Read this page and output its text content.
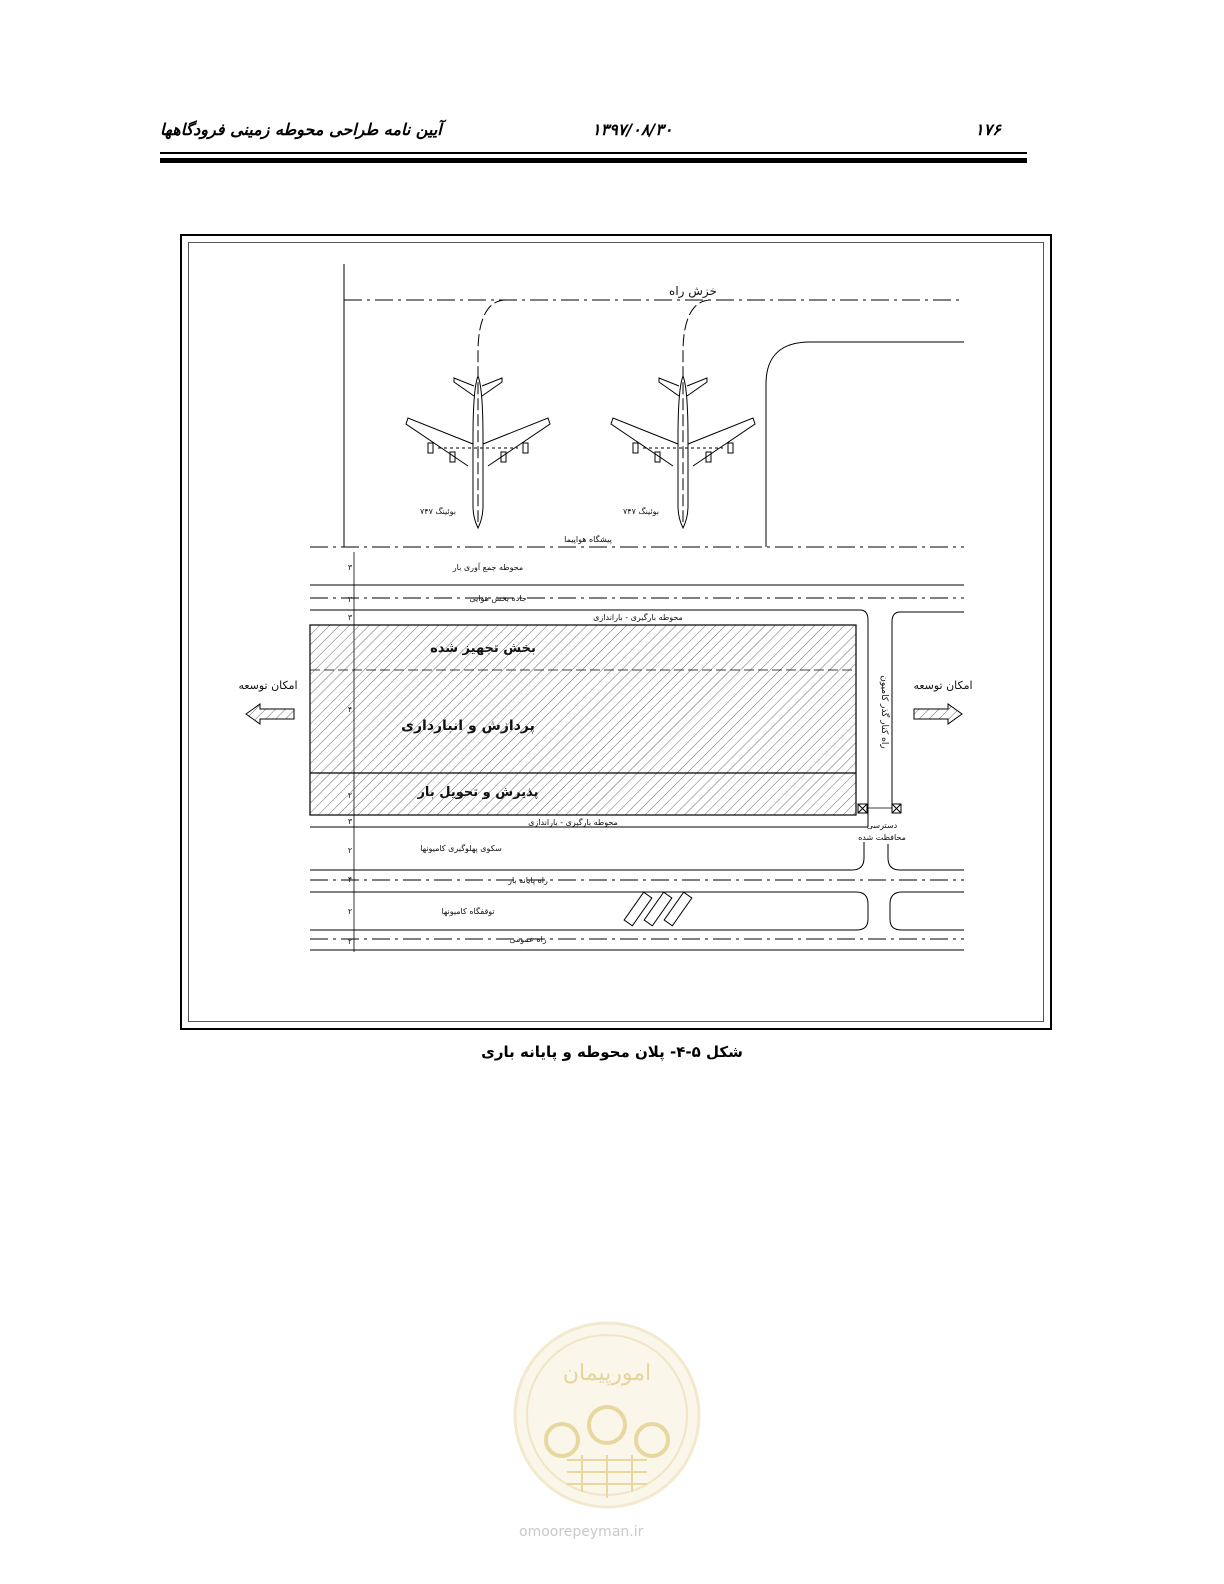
۱۷۶
۱۳۹۷/۰۸/۳۰
آیین نامه طراحی محوطه زمینی فرودگاهها
خزش راه
بوئینگ ۷۴۷	بوئینگ ۷۴۷
پیشگاه هواپیما
محوطه جمع آوری بار
جاده بخش هوایی
محوطه بارگیری - باراندازی
بخش تجهیز شده
پردازش و انبارداری
پذیرش و تحویل بار
محوطه بارگیری - باراندازی
راه کنار گذر کامیون
دسترسی
محافظت شده
سکوی پهلوگیری کامیونها
راه پایانه بار
توقفگاه کامیونها
راه عمومی
۳
۲
۳
۴
۲
۳
۲
۴
۲
۲
امکان توسعه	امکان توسعه
شکل ۵-۴- پلان محوطه و پایانه باری
امورپیمان
omoorepeyman.ir
